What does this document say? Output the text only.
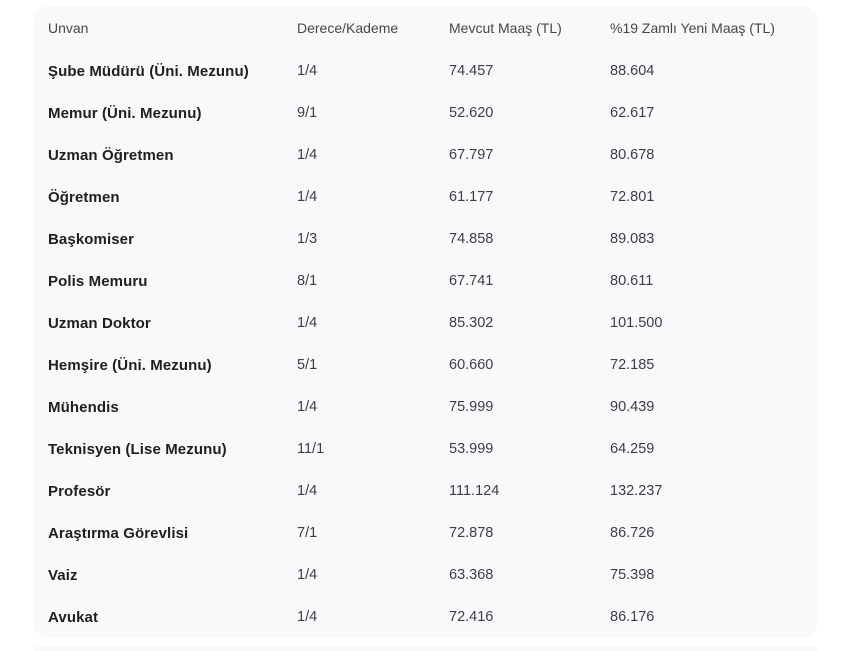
Unvan	Derece/Kademe	Mevcut Maaş (TL)	%19 Zamlı Yeni Maaş (TL)
Şube Müdürü (Üni. Mezunu)	1/4	74.457	88.604
Memur (Üni. Mezunu)	9/1	52.620	62.617
Uzman Öğretmen	1/4	67.797	80.678
Öğretmen	1/4	61.177	72.801
Başkomiser	1/3	74.858	89.083
Polis Memuru	8/1	67.741	80.611
Uzman Doktor	1/4	85.302	101.500
Hemşire (Üni. Mezunu)	5/1	60.660	72.185
Mühendis	1/4	75.999	90.439
Teknisyen (Lise Mezunu)	11/1	53.999	64.259
Profesör	1/4	111.124	132.237
Araştırma Görevlisi	7/1	72.878	86.726
Vaiz	1/4	63.368	75.398
Avukat	1/4	72.416	86.176
